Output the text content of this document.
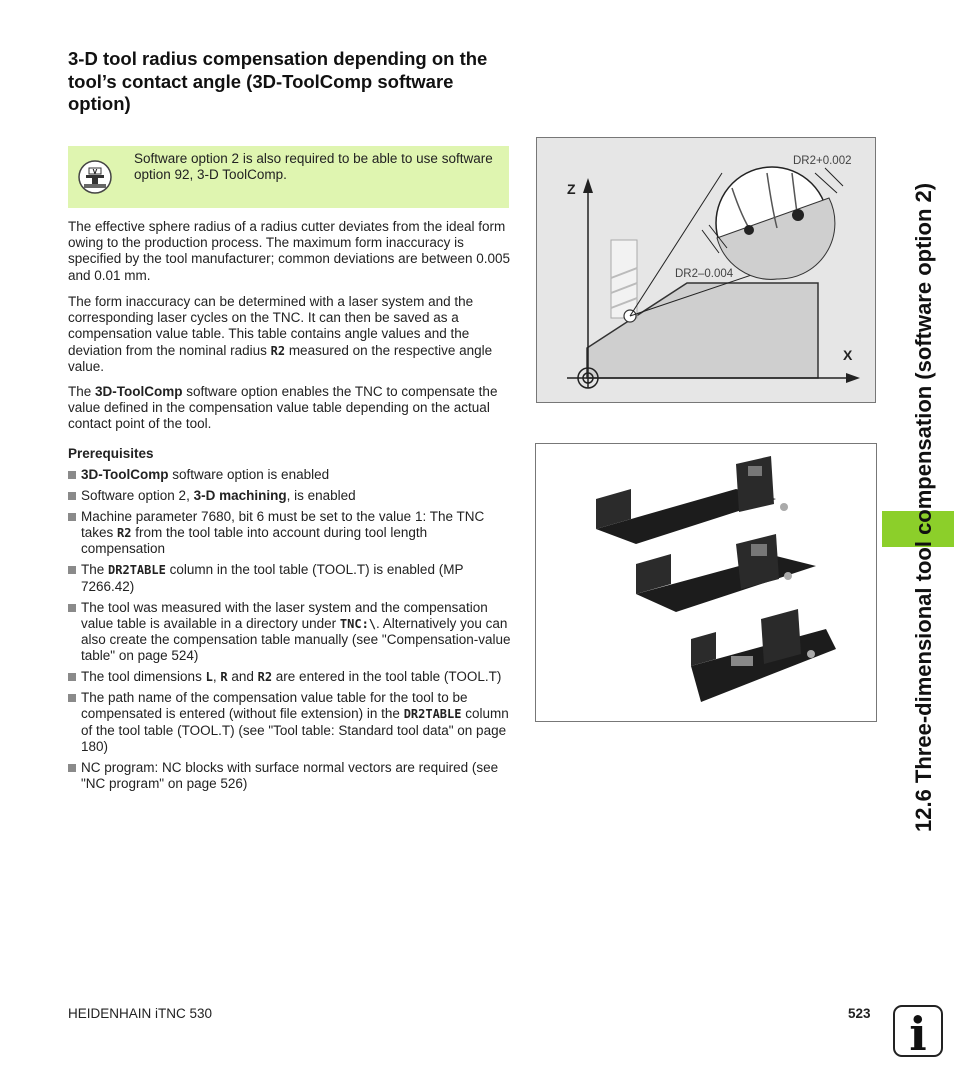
3-D tool radius compensation depending on the tool’s contact angle (3D-ToolComp software option)
V
Software option 2 is also required to be able to use software option 92, 3-D ToolComp.

The effective sphere radius of a radius cutter deviates from the ideal form owing to the production process. The maximum form inaccuracy is specified by the tool manufacturer; common deviations are between 0.005 and 0.01 mm.

The form inaccuracy can be determined with a laser system and the corresponding laser cycles on the TNC. It can then be saved as a compensation value table. This table contains angle values and the deviation from the nominal radius R2 measured on the respective angle value.

The 3D-ToolComp software option enables the TNC to compensate the value defined in the compensation value table depending on the actual contact point of the tool.

Prerequisites
3D-ToolComp software option is enabled
Software option 2, 3-D machining, is enabled
Machine parameter 7680, bit 6 must be set to the value 1: The TNC takes R2 from the tool table into account during tool length compensation
The DR2TABLE column in the tool table (TOOL.T) is enabled (MP 7266.42)
The tool was measured with the laser system and the compensation value table is available in a directory under TNC:\. Alternatively you can also create the compensation table manually (see "Compensation-value table" on page 524)
The tool dimensions L, R and R2 are entered in the tool table (TOOL.T)
The path name of the compensation value table for the tool to be compensated is entered (without file extension) in the DR2TABLE column of the tool table (TOOL.T) (see "Tool table: Standard tool data" on page 180)
NC program: NC blocks with surface normal vectors are required (see "NC program" on page 526)
Z
X
DR2+0.002
DR2–0.004	12.6 Three-dimensional tool compensation (software option 2)
HEIDENHAIN iTNC 530	523 i
